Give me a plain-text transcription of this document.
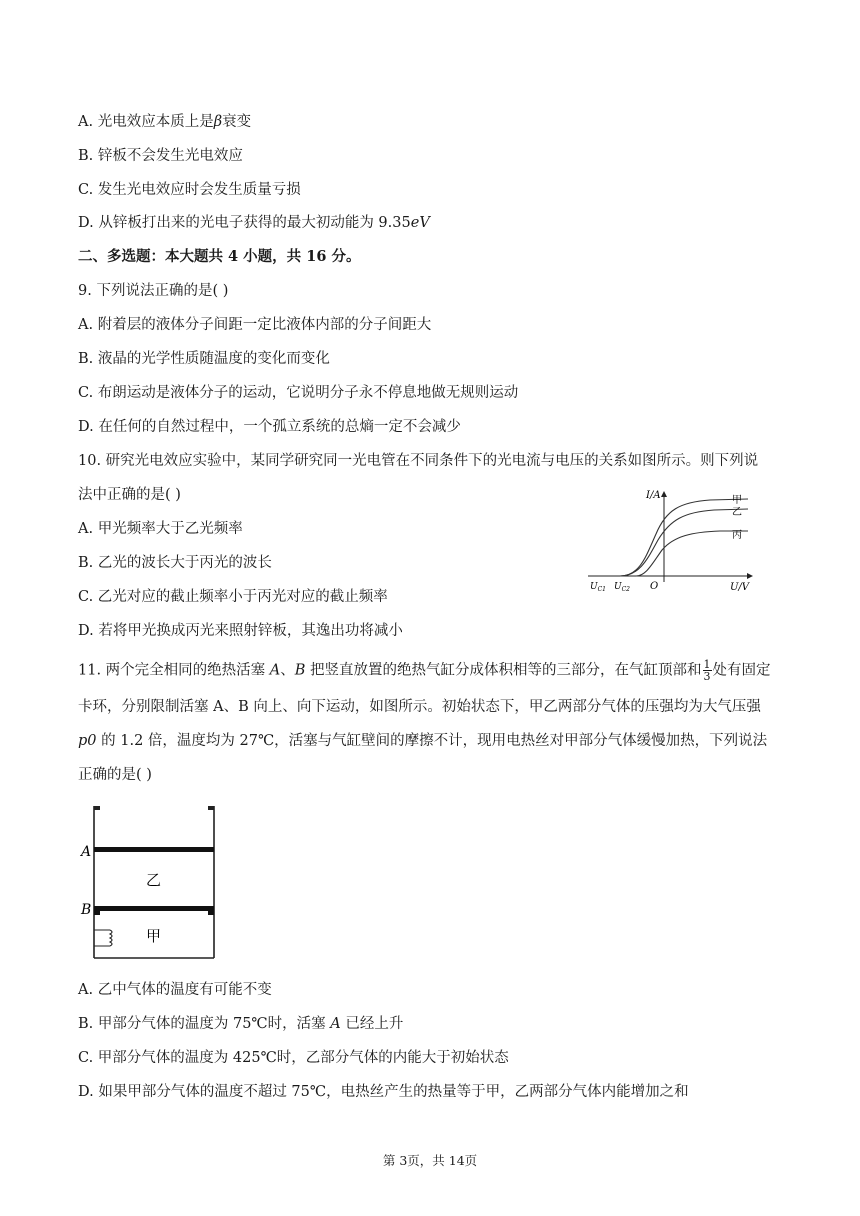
A. 光电效应本质上是β衰变
B. 锌板不会发生光电效应
C. 发生光电效应时会发生质量亏损
D. 从锌板打出来的光电子获得的最大初动能为 9.35eV
二、多选题：本大题共 4 小题，共 16 分。
9. 下列说法正确的是( )
A. 附着层的液体分子间距一定比液体内部的分子间距大
B. 液晶的光学性质随温度的变化而变化
C. 布朗运动是液体分子的运动，它说明分子永不停息地做无规则运动
D. 在任何的自然过程中，一个孤立系统的总熵一定不会减少
10. 研究光电效应实验中，某同学研究同一光电管在不同条件下的光电流与电压的关系如图所示。则下列说
法中正确的是( )
A. 甲光频率大于乙光频率
B. 乙光的波长大于丙光的波长
C. 乙光对应的截止频率小于丙光对应的截止频率
D. 若将甲光换成丙光来照射锌板，其逸出功将减小
I/A
U/V
O
$U_{C1}$ $U_{C2}$
甲
乙
丙
11. 两个完全相同的绝热活塞 A、B 把竖直放置的绝热气缸分成体积相等的三部分，在气缸顶部和 $\frac{1}{3}$ 处有固定
卡环，分别限制活塞 A、B 向上、向下运动，如图所示。初始状态下，甲乙两部分气体的压强均为大气压强
p0 的 1.2 倍，温度均为 27℃，活塞与气缸壁间的摩擦不计，现用电热丝对甲部分气体缓慢加热，下列说法
正确的是( )
A
B
乙
甲
A. 乙中气体的温度有可能不变
B. 甲部分气体的温度为 75℃时，活塞 A 已经上升
C. 甲部分气体的温度为 425℃时，乙部分气体的内能大于初始状态
D. 如果甲部分气体的温度不超过 75℃，电热丝产生的热量等于甲，乙两部分气体内能增加之和
第 3页，共 14页
